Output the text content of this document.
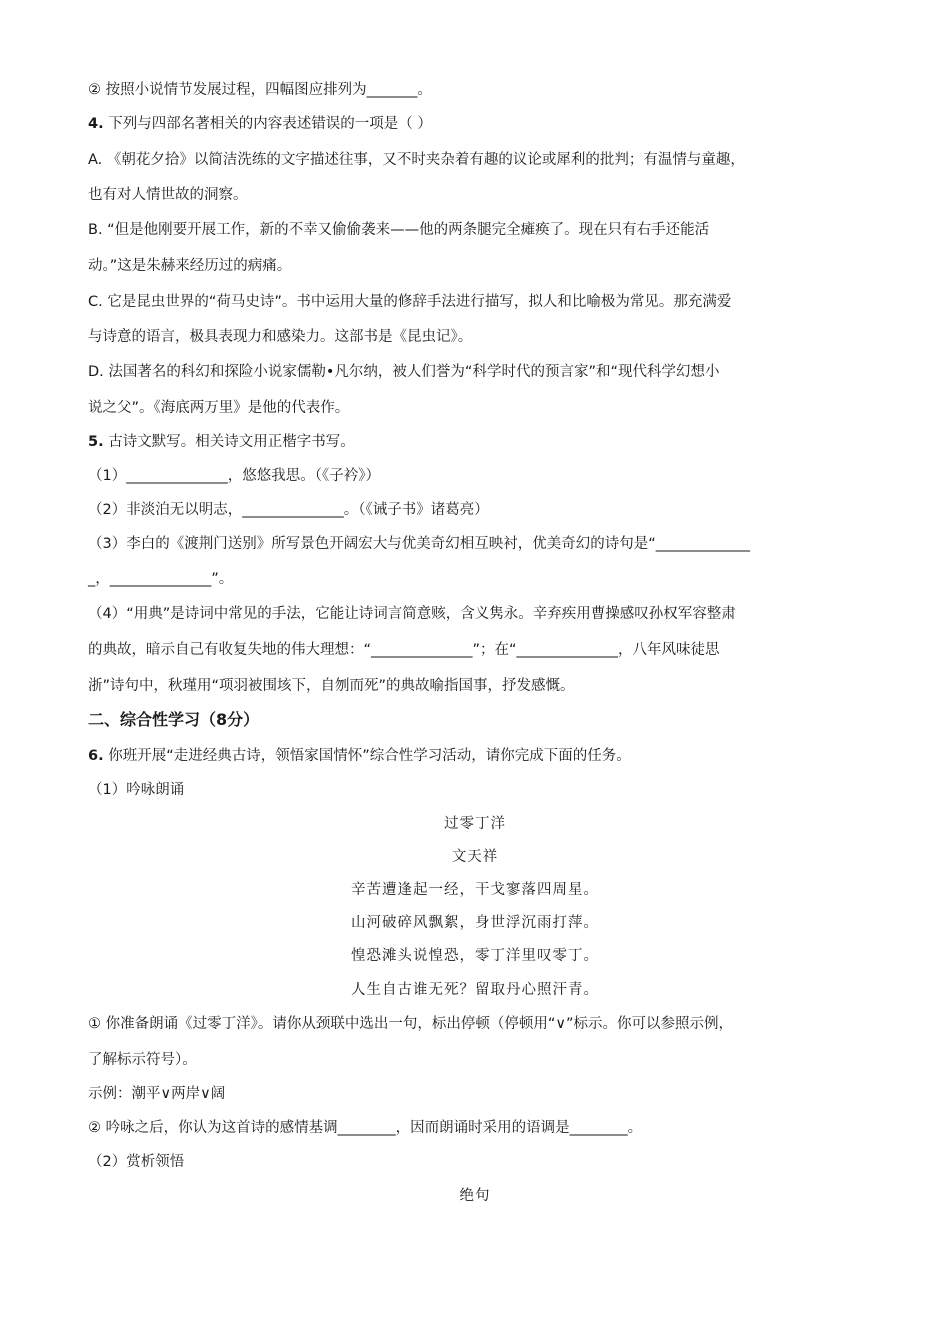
② 按照小说情节发展过程，四幅图应排列为_______。
4. 下列与四部名著相关的内容表述错误的一项是（ ）
A. 《朝花夕拾》以简洁洗练的文字描述往事，又不时夹杂着有趣的议论或犀利的批判；有温情与童趣，
也有对人情世故的洞察。
B. “但是他刚要开展工作，新的不幸又偷偷袭来——他的两条腿完全瘫痪了。现在只有右手还能活
动。”这是朱赫来经历过的病痛。
C. 它是昆虫世界的“荷马史诗”。书中运用大量的修辞手法进行描写，拟人和比喻极为常见。那充满爱
与诗意的语言，极具表现力和感染力。这部书是《昆虫记》。
D. 法国著名的科幻和探险小说家儒勒•凡尔纳，被人们誉为“科学时代的预言家”和“现代科学幻想小
说之父”。《海底两万里》是他的代表作。
5. 古诗文默写。相关诗文用正楷字书写。
（1）______________，悠悠我思。（《子衿》）
（2）非淡泊无以明志，______________。（《诫子书》诸葛亮）
（3）李白的《渡荆门送别》所写景色开阔宏大与优美奇幻相互映衬，优美奇幻的诗句是“_____________
_，______________”。
（4）“用典”是诗词中常见的手法，它能让诗词言简意赅，含义隽永。辛弃疾用曹操感叹孙权军容整肃
的典故，暗示自己有收复失地的伟大理想：“______________”；在“______________，八年风味徒思
浙”诗句中，秋瑾用“项羽被围垓下，自刎而死”的典故喻指国事，抒发感慨。
二、综合性学习（8分）
6. 你班开展“走进经典古诗，领悟家国情怀”综合性学习活动，请你完成下面的任务。
（1）吟咏朗诵
过零丁洋
文天祥
辛苦遭逢起一经，干戈寥落四周星。
山河破碎风飘絮，身世浮沉雨打萍。
惶恐滩头说惶恐，零丁洋里叹零丁。
人生自古谁无死？留取丹心照汗青。
① 你准备朗诵《过零丁洋》。请你从颈联中选出一句，标出停顿（停顿用“∨”标示。你可以参照示例，
了解标示符号）。
示例：潮平∨两岸∨阔
② 吟咏之后，你认为这首诗的感情基调________，因而朗诵时采用的语调是________。
（2）赏析领悟
绝句
